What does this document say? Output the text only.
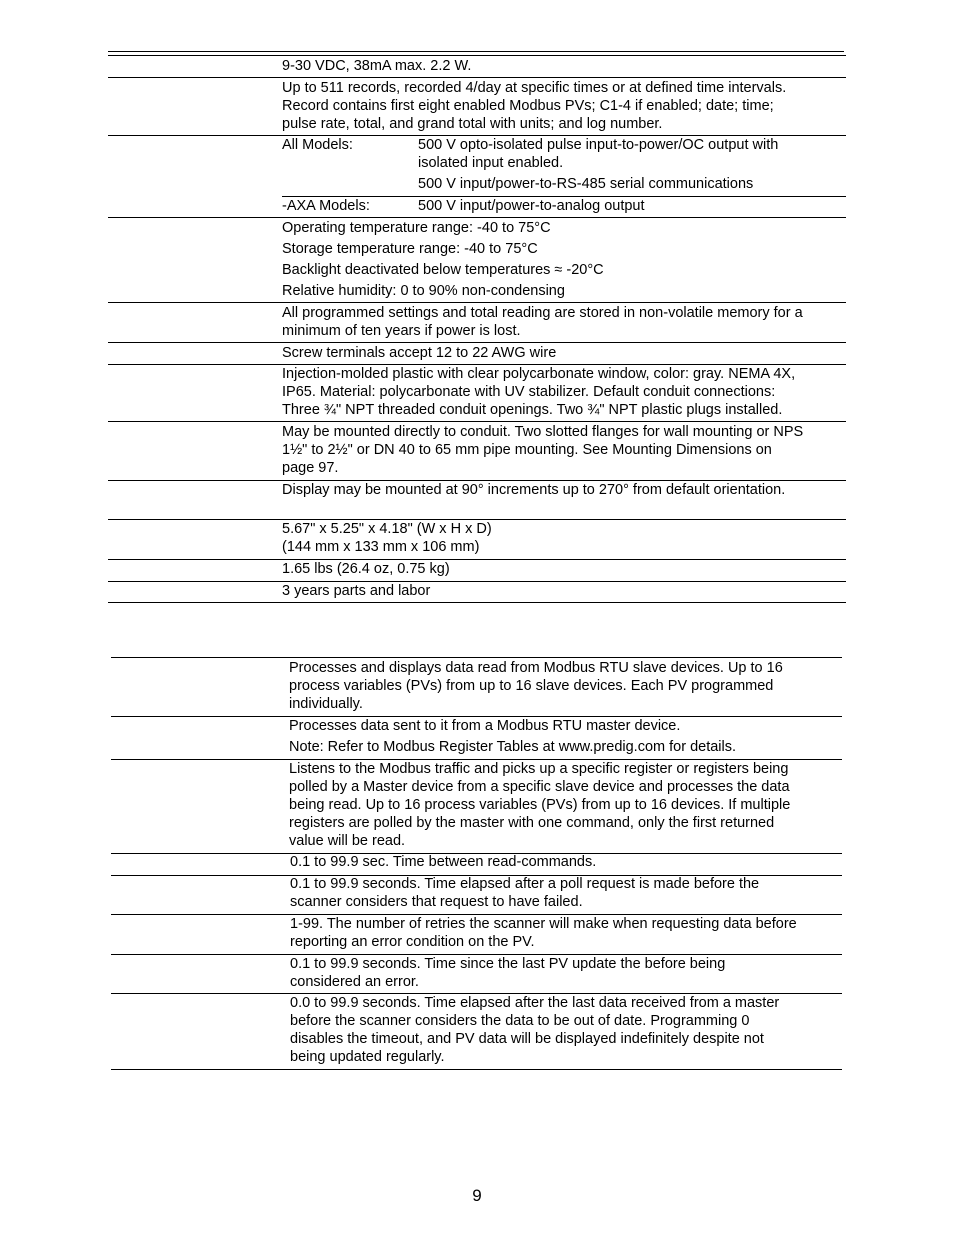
9-30 VDC, 38mA max. 2.2 W.
Up to 511 records, recorded 4/day at specific times or at defined time intervals.
Record contains first eight enabled Modbus PVs; C1-4 if enabled; date; time;
pulse rate, total, and grand total with units; and log number.
All Models:	500 V opto-isolated pulse input-to-power/OC output with
isolated input enabled.
500 V input/power-to-RS-485 serial communications
-AXA Models:	500 V input/power-to-analog output
Operating temperature range: -40 to 75°C
Storage temperature range: -40 to 75°C
Backlight deactivated below temperatures ≈ -20°C
Relative humidity: 0 to 90% non-condensing
All programmed settings and total reading are stored in non-volatile memory for a
minimum of ten years if power is lost.
Screw terminals accept 12 to 22 AWG wire
Injection-molded plastic with clear polycarbonate window, color: gray. NEMA 4X,
IP65. Material: polycarbonate with UV stabilizer. Default conduit connections:
Three ¾" NPT threaded conduit openings. Two ¾" NPT plastic plugs installed.
May be mounted directly to conduit. Two slotted flanges for wall mounting or NPS
1½" to 2½" or DN 40 to 65 mm pipe mounting. See Mounting Dimensions on
page 97.
Display may be mounted at 90° increments up to 270° from default orientation.
5.67" x 5.25" x 4.18" (W x H x D)
(144 mm x 133 mm x 106 mm)
1.65 lbs (26.4 oz, 0.75 kg)
3 years parts and labor
Processes and displays data read from Modbus RTU slave devices. Up to 16
process variables (PVs) from up to 16 slave devices. Each PV programmed
individually.
Processes data sent to it from a Modbus RTU master device.
Note: Refer to Modbus Register Tables at www.predig.com for details.
Listens to the Modbus traffic and picks up a specific register or registers being
polled by a Master device from a specific slave device and processes the data
being read. Up to 16 process variables (PVs) from up to 16 devices. If multiple
registers are polled by the master with one command, only the first returned
value will be read.
0.1 to 99.9 sec. Time between read-commands.
0.1 to 99.9 seconds. Time elapsed after a poll request is made before the
scanner considers that request to have failed.
1-99. The number of retries the scanner will make when requesting data before
reporting an error condition on the PV.
0.1 to 99.9 seconds. Time since the last PV update the before being
considered an error.
0.0 to 99.9 seconds. Time elapsed after the last data received from a master
before the scanner considers the data to be out of date. Programming 0
disables the timeout, and PV data will be displayed indefinitely despite not
being updated regularly.
9
